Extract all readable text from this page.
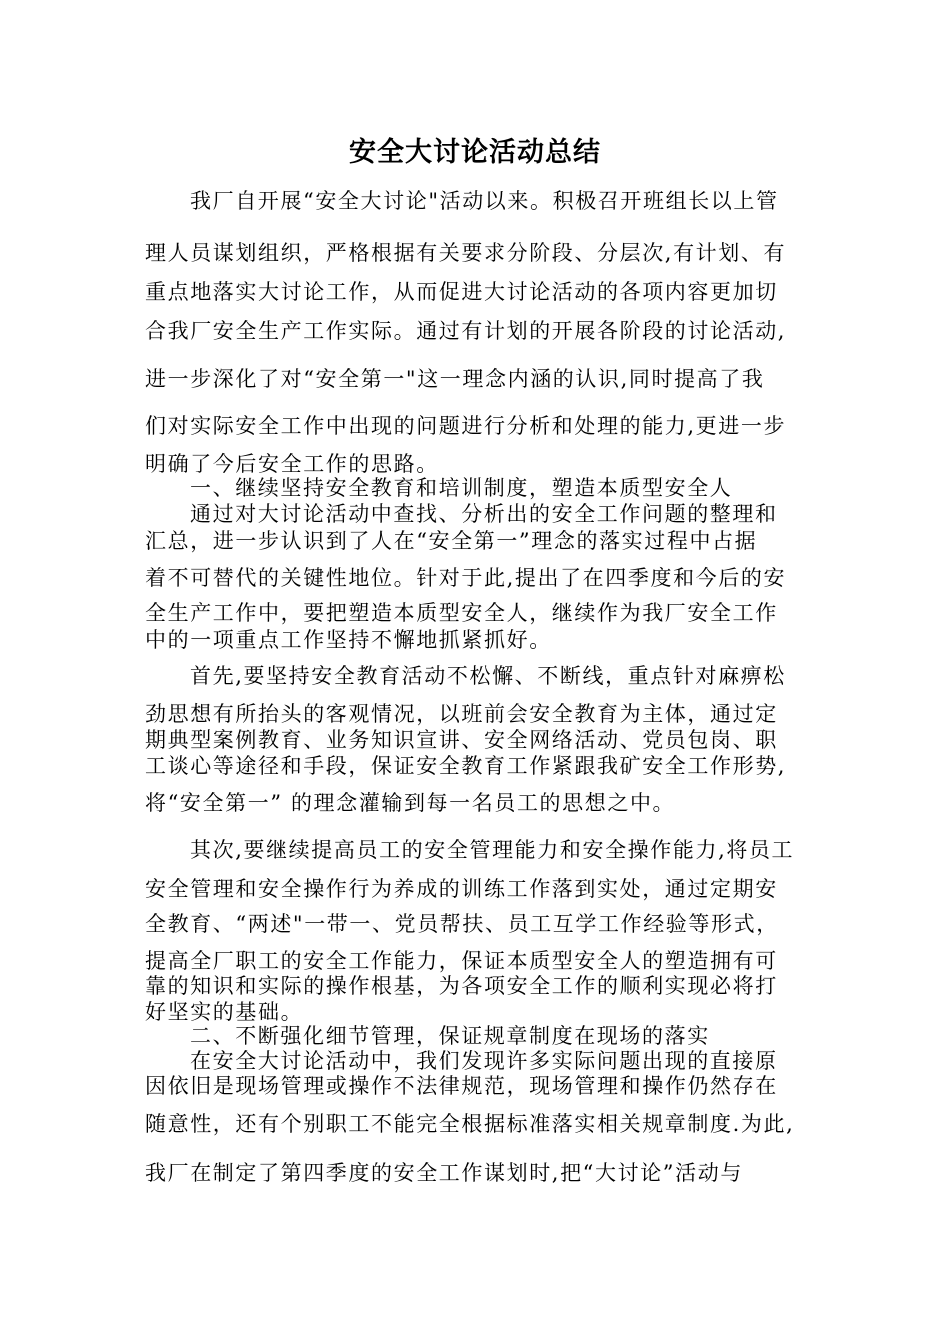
安全大讨论活动总结
我厂自开展“安全大讨论"活动以来。积极召开班组长以上管
理人员谋划组织，严格根据有关要求分阶段、分层次,有计划、有
重点地落实大讨论工作，从而促进大讨论活动的各项内容更加切
合我厂安全生产工作实际。通过有计划的开展各阶段的讨论活动,
进一步深化了对“安全第一"这一理念内涵的认识,同时提高了我
们对实际安全工作中出现的问题进行分析和处理的能力,更进一步
明确了今后安全工作的思路。
一、继续坚持安全教育和培训制度，塑造本质型安全人
通过对大讨论活动中查找、分析出的安全工作问题的整理和
汇总，进一步认识到了人在“安全第一”理念的落实过程中占据
着不可替代的关键性地位。针对于此,提出了在四季度和今后的安
全生产工作中，要把塑造本质型安全人，继续作为我厂安全工作
中的一项重点工作坚持不懈地抓紧抓好。
首先,要坚持安全教育活动不松懈、不断线，重点针对麻痹松
劲思想有所抬头的客观情况，以班前会安全教育为主体，通过定
期典型案例教育、业务知识宣讲、安全网络活动、党员包岗、职
工谈心等途径和手段，保证安全教育工作紧跟我矿安全工作形势,
将“安全第一” 的理念灌输到每一名员工的思想之中。
其次,要继续提高员工的安全管理能力和安全操作能力,将员工
安全管理和安全操作行为养成的训练工作落到实处，通过定期安
全教育、“两述"一带一、党员帮扶、员工互学工作经验等形式，
提高全厂职工的安全工作能力，保证本质型安全人的塑造拥有可
靠的知识和实际的操作根基，为各项安全工作的顺利实现必将打
好坚实的基础。
二、不断强化细节管理，保证规章制度在现场的落实
在安全大讨论活动中，我们发现许多实际问题出现的直接原
因依旧是现场管理或操作不法律规范，现场管理和操作仍然存在
随意性，还有个别职工不能完全根据标准落实相关规章制度.为此,
我厂在制定了第四季度的安全工作谋划时,把“大讨论”活动与
